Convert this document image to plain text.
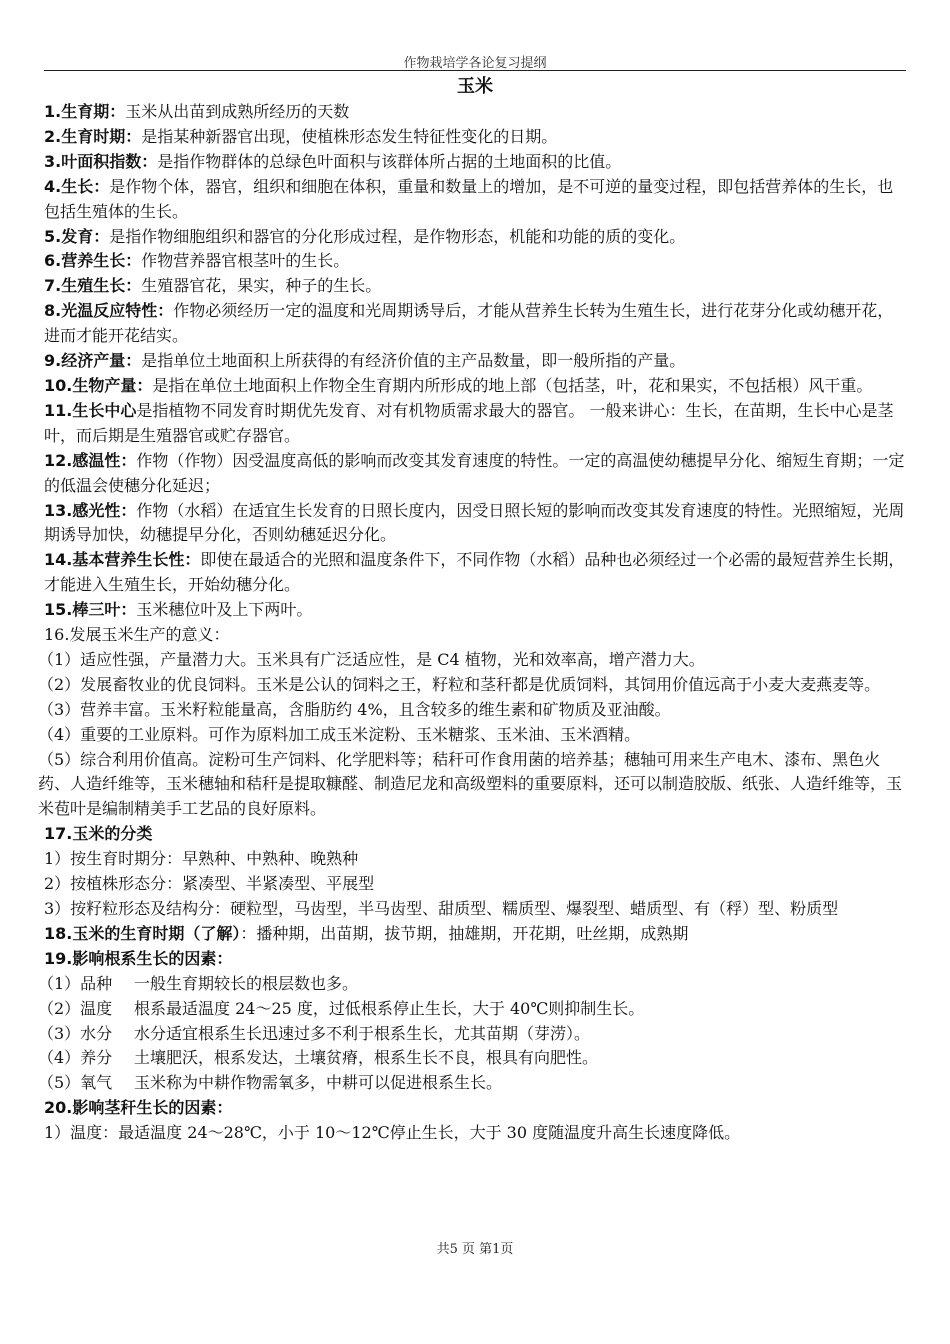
作物栽培学各论复习提纲
玉米

1.生育期：玉米从出苗到成熟所经历的天数

2.生育时期：是指某种新器官出现，使植株形态发生特征性变化的日期。

3.叶面积指数：是指作物群体的总绿色叶面积与该群体所占据的土地面积的比值。

4.生长：是作物个体，器官，组织和细胞在体积，重量和数量上的增加，是不可逆的量变过程，即包括营养体的生长，也包括生殖体的生长。

5.发育：是指作物细胞组织和器官的分化形成过程，是作物形态，机能和功能的质的变化。

6.营养生长：作物营养器官根茎叶的生长。

7.生殖生长：生殖器官花，果实，种子的生长。

8.光温反应特性：作物必须经历一定的温度和光周期诱导后，才能从营养生长转为生殖生长，进行花芽分化或幼穗开花，进而才能开花结实。

9.经济产量：是指单位土地面积上所获得的有经济价值的主产品数量，即一般所指的产量。

10.生物产量：是指在单位土地面积上作物全生育期内所形成的地上部（包括茎，叶，花和果实，不包括根）风干重。

11.生长中心是指植物不同发育时期优先发育、对有机物质需求最大的器官。 一般来讲心：生长，在苗期，生长中心是茎叶，而后期是生殖器官或贮存器官。

12.感温性：作物（作物）因受温度高低的影响而改变其发育速度的特性。一定的高温使幼穗提早分化、缩短生育期；一定的低温会使穗分化延迟；

13.感光性：作物（水稻）在适宜生长发育的日照长度内，因受日照长短的影响而改变其发育速度的特性。光照缩短，光周期诱导加快，幼穗提早分化，否则幼穗延迟分化。

14.基本营养生长性：即使在最适合的光照和温度条件下，不同作物（水稻）品种也必须经过一个必需的最短营养生长期，才能进入生殖生长，开始幼穗分化。

15.棒三叶：玉米穗位叶及上下两叶。

16.发展玉米生产的意义：

（1）适应性强，产量潜力大。玉米具有广泛适应性，是 C4 植物，光和效率高，增产潜力大。

（2）发展畜牧业的优良饲料。玉米是公认的饲料之王，籽粒和茎秆都是优质饲料，其饲用价值远高于小麦大麦燕麦等。

（3）营养丰富。玉米籽粒能量高，含脂肪约 4%，且含较多的维生素和矿物质及亚油酸。

（4）重要的工业原料。可作为原料加工成玉米淀粉、玉米糖浆、玉米油、玉米酒精。

（5）综合利用价值高。淀粉可生产饲料、化学肥料等；秸秆可作食用菌的培养基；穗轴可用来生产电木、漆布、黑色火药、人造纤维等，玉米穗轴和秸秆是提取糠醛、制造尼龙和高级塑料的重要原料，还可以制造胶版、纸张、人造纤维等，玉米苞叶是编制精美手工艺品的良好原料。

17.玉米的分类

1）按生育时期分：早熟种、中熟种、晚熟种

2）按植株形态分：紧凑型、半紧凑型、平展型

3）按籽粒形态及结构分：硬粒型，马齿型，半马齿型、甜质型、糯质型、爆裂型、蜡质型、有（稃）型、粉质型

18.玉米的生育时期（了解）：播种期，出苗期，拔节期，抽雄期，开花期，吐丝期，成熟期

19.影响根系生长的因素：

（1）品种 一般生育期较长的根层数也多。

（2）温度 根系最适温度 24～25 度，过低根系停止生长，大于 40℃则抑制生长。

（3）水分 水分适宜根系生长迅速过多不利于根系生长，尤其苗期（芽涝）。

（4）养分 土壤肥沃，根系发达，土壤贫瘠，根系生长不良，根具有向肥性。

（5）氧气 玉米称为中耕作物需氧多，中耕可以促进根系生长。

20.影响茎秆生长的因素：

1）温度：最适温度 24～28℃，小于 10～12℃停止生长，大于 30 度随温度升高生长速度降低。

共5 页 第1页
